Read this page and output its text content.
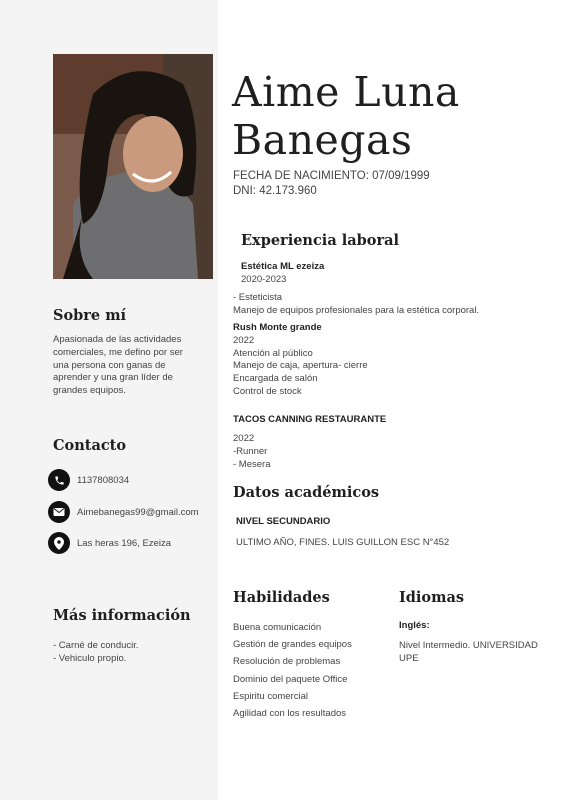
Aime Luna
Banegas
FECHA DE NACIMIENTO: 07/09/1999
DNI: 42.173.960
Sobre mí
Apasionada de las actividades
comerciales, me defino por ser
una persona con ganas de
aprender y una gran líder de
grandes equipos.
Contacto
1137808034
Aimebanegas99@gmail.com
Las heras 196, Ezeiza
Más información
- Carné de conducir.
- Vehiculo propio.
Experiencia laboral
Estética ML ezeiza
2020-2023
- Esteticista
Manejo de equipos profesionales para la estética corporal.
Rush Monte grande
2022
Atención al público
Manejo de caja, apertura- cierre
Encargada de salón
Control de stock
TACOS CANNING RESTAURANTE
2022
-Runner
- Mesera
Datos académicos
NIVEL SECUNDARIO
ULTIMO AÑO, FINES. LUIS GUILLON ESC N°452
Habilidades
Buena comunicación
Gestión de grandes equipos
Resolución de problemas
Dominio del paquete Office
Espiritu comercial
Agilidad con los resultados
Idiomas
Inglés:
Nivel Intermedio. UNIVERSIDAD
UPE
